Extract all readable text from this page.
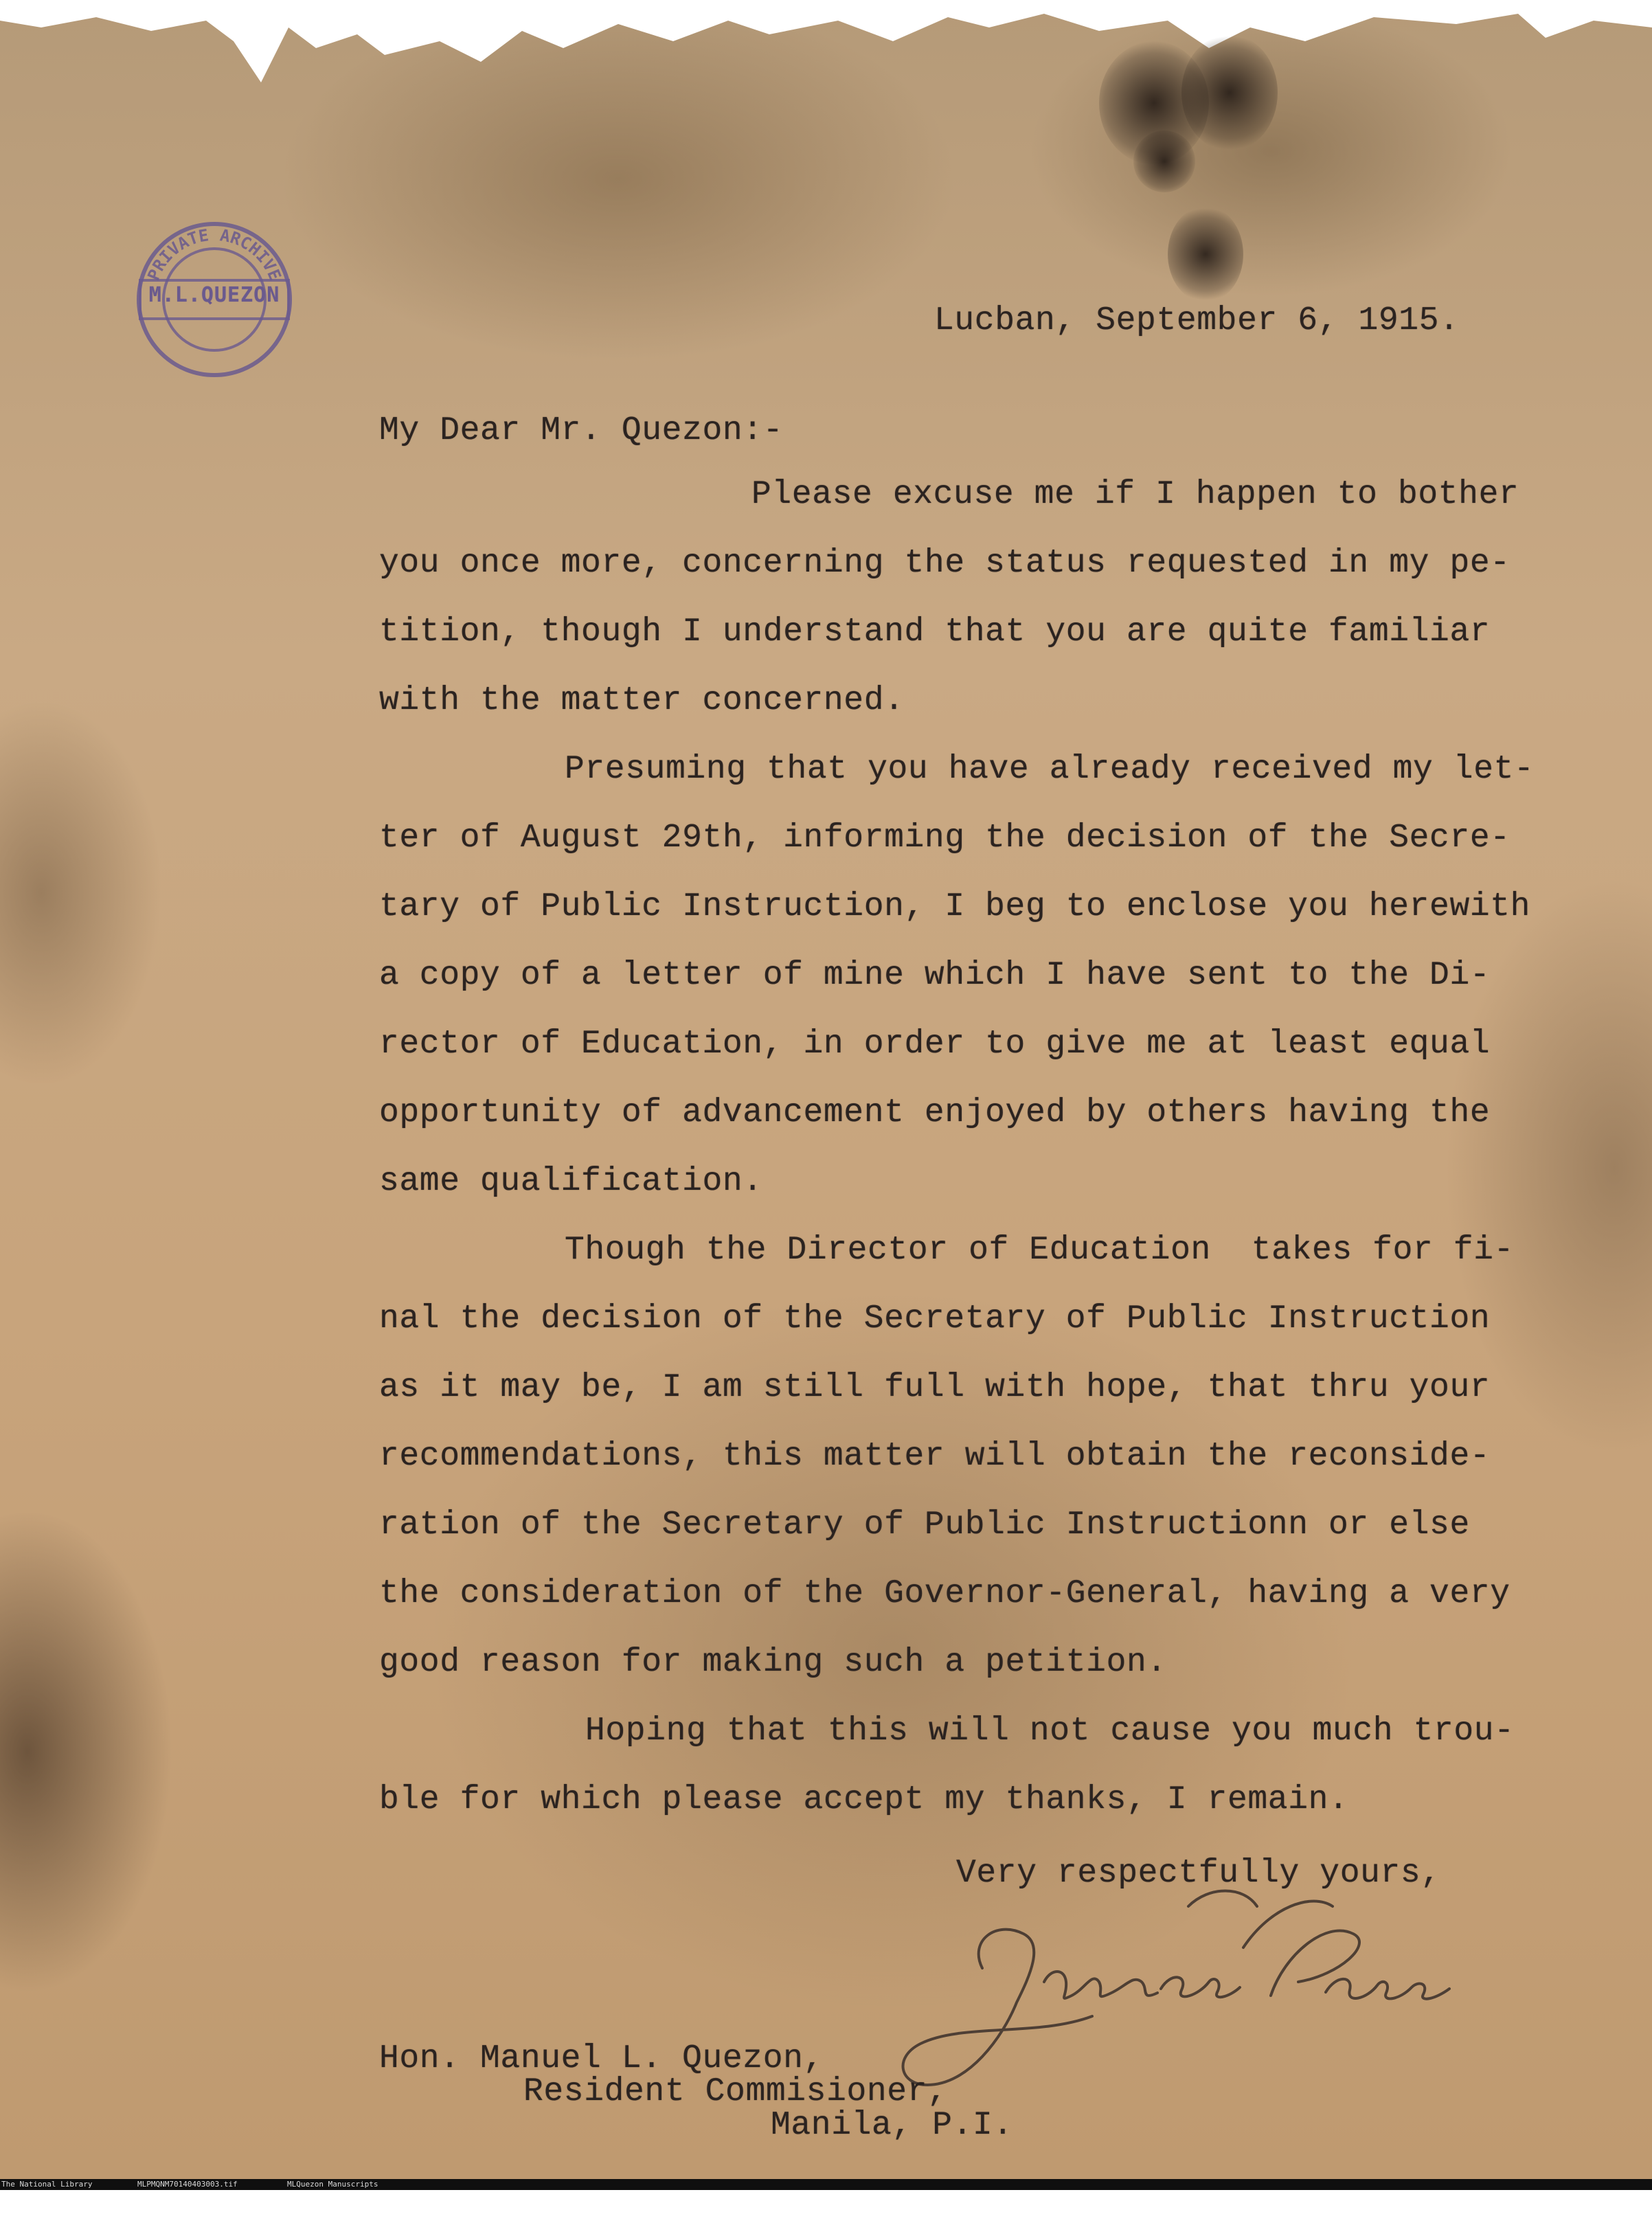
PRIVATE ARCHIVE
M.L.QUEZON
Lucban, September 6, 1915.
My Dear Mr. Quezon:-
Please excuse me if I happen to bother
you once more, concerning the status requested in my pe-
tition, though I understand that you are quite familiar
with the matter concerned.
Presuming that you have already received my let-
ter of August 29th, informing the decision of the Secre-
tary of Public Instruction, I beg to enclose you herewith
a copy of a letter of mine which I have sent to the Di-
rector of Education, in order to give me at least equal
opportunity of advancement enjoyed by others having the
same qualification.
Though the Director of Education  takes for fi-
nal the decision of the Secretary of Public Instruction
as it may be, I am still full with hope, that thru your
recommendations, this matter will obtain the reconside-
ration of the Secretary of Public Instructionn or else
the consideration of the Governor-General, having a very
good reason for making such a petition.
Hoping that this will not cause you much trou-
ble for which please accept my thanks, I remain.
Very respectfully yours,
Hon. Manuel L. Quezon,
Resident Commisioner,
Manila, P.I.

The National Library

	MLPMQNM70140403003.tif

	MLQuezon Manuscripts
